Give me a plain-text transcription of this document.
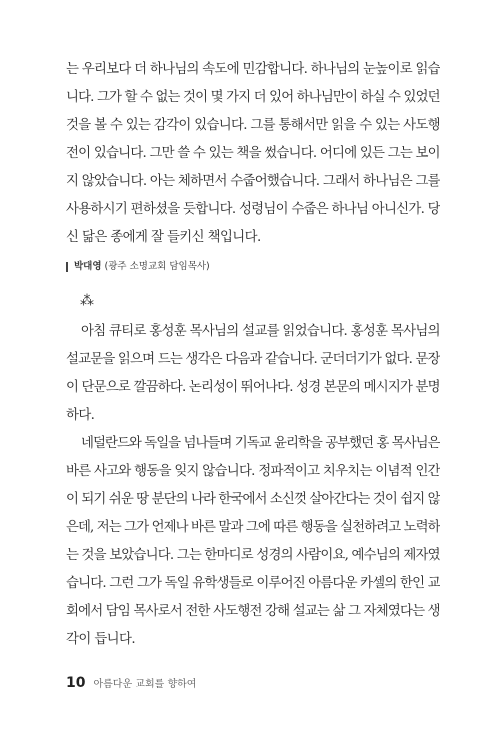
는 우리보다 더 하나님의 속도에 민감합니다. 하나님의 눈높이로 읽습
니다. 그가 할 수 없는 것이 몇 가지 더 있어 하나님만이 하실 수 있었던
것을 볼 수 있는 감각이 있습니다. 그를 통해서만 읽을 수 있는 사도행
전이 있습니다. 그만 쓸 수 있는 책을 썼습니다. 어디에 있든 그는 보이
지 않았습니다. 아는 체하면서 수줍어했습니다. 그래서 하나님은 그를
사용하시기 편하셨을 듯합니다. 성령님이 수줍은 하나님 아니신가. 당
신 닮은 종에게 잘 들키신 책입니다.
박대영 (광주 소명교회 담임목사)
⁂
아침 큐티로 홍성훈 목사님의 설교를 읽었습니다. 홍성훈 목사님의
설교문을 읽으며 드는 생각은 다음과 같습니다. 군더더기가 없다. 문장
이 단문으로 깔끔하다. 논리성이 뛰어나다. 성경 본문의 메시지가 분명
하다.
네덜란드와 독일을 넘나들며 기독교 윤리학을 공부했던 홍 목사님은
바른 사고와 행동을 잊지 않습니다. 정파적이고 치우치는 이념적 인간
이 되기 쉬운 땅 분단의 나라 한국에서 소신껏 살아간다는 것이 쉽지 않
은데, 저는 그가 언제나 바른 말과 그에 따른 행동을 실천하려고 노력하
는 것을 보았습니다. 그는 한마디로 성경의 사람이요, 예수님의 제자였
습니다. 그런 그가 독일 유학생들로 이루어진 아름다운 카셀의 한인 교
회에서 담임 목사로서 전한 사도행전 강해 설교는 삶 그 자체였다는 생
각이 듭니다.
10 아름다운 교회를 향하여
